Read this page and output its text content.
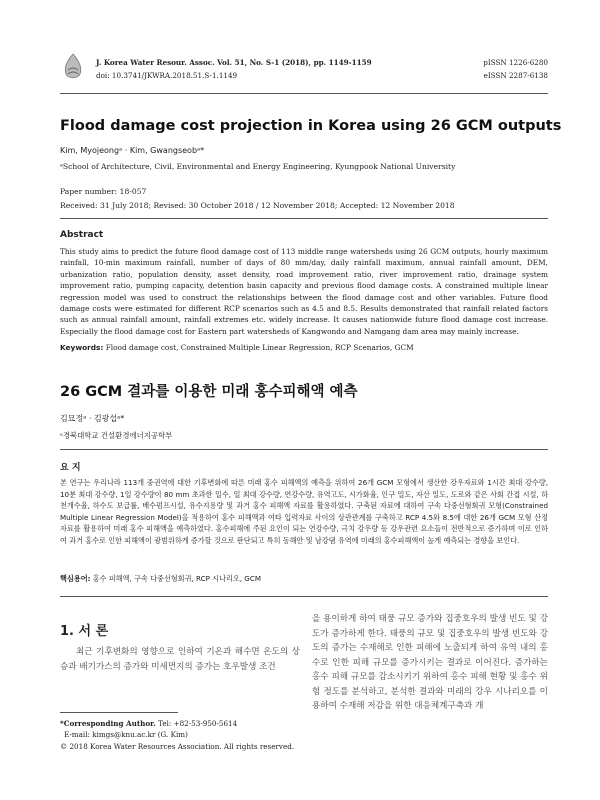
J. Korea Water Resour. Assoc. Vol. 51, No. S-1 (2018), pp. 1149-1159
doi: 10.3741/JKWRA.2018.51.S-1.1149
pISSN 1226-6280
eISSN 2287-6138
Flood damage cost projection in Korea using 26 GCM outputs
Kim, Myojeongᵃ · Kim, Gwangseobᵃ*
ᵃSchool of Architecture, Civil, Environmental and Energy Engineering, Kyungpook National University
Paper number: 18-057
Received: 31 July 2018; Revised: 30 October 2018 / 12 November 2018; Accepted: 12 November 2018
Abstract
This study aims to predict the future flood damage cost of 113 middle range watersheds using 26 GCM outputs, hourly maximum rainfall, 10-min maximum rainfall, number of days of 80 mm/day, daily rainfall maximum, annual rainfall amount, DEM, urbanization ratio, population density, asset density, road improvement ratio, river improvement ratio, drainage system improvement ratio, pumping capacity, detention basin capacity and previous flood damage costs. A constrained multiple linear regression model was used to construct the relationships between the flood damage cost and other variables. Future flood damage costs were estimated for different RCP scenarios such as 4.5 and 8.5. Results demonstrated that rainfall related factors such as annual rainfall amount, rainfall extremes etc. widely increase. It causes nationwide future flood damage cost increase. Especially the flood damage cost for Eastern part watersheds of Kangwondo and Namgang dam area may mainly increase.
Keywords: Flood damage cost, Constrained Multiple Linear Regression, RCP Scenarios, GCM
26 GCM 결과를 이용한 미래 홍수피해액 예측
김묘정ᵃ · 김광섭ᵃ*
ᵃ경북대학교 건설환경에너지공학부
요 지
본 연구는 우리나라 113개 중권역에 대한 기후변화에 따른 미래 홍수 피해액의 예측을 위하여 26개 GCM 모형에서 생산한 강우자료와 1시간 최대 강수량, 10분 최대 강수량, 1일 강수량이 80 mm 초과한 일수, 일 최대 강수량, 연강수량, 유역고도, 시가화율, 인구 밀도, 자산 밀도, 도로와 같은 사회 간접 시설, 하천개수율, 하수도 보급률, 배수펌프시설, 유수지용량 및 과거 홍수 피해액 자료를 활용하였다. 구축된 자료에 대하여 구속 다중선형회귀 모형(Constrained Multiple Linear Regression Model)을 적용하여 홍수 피해액과 여타 입력자료 사이의 상관관계를 구축하고 RCP 4.5와 8.5에 대한 26개 GCM 모형 산정자료를 활용하여 미래 홍수 피해액을 예측하였다. 홍수피해에 주된 요인이 되는 연강수량, 극치 강우량 등 강우관련 요소들이 전반적으로 증가하며 이로 인하여 과거 홍수로 인한 피해액이 광범위하게 증가할 것으로 판단되고 특히 동해안 및 남강댐 유역에 미래의 홍수피해액이 높게 예측되는 경향을 보인다.
핵심용어: 홍수 피해액, 구속 다중선형회귀, RCP 시나리오, GCM
1. 서 론
최근 기후변화의 영향으로 인하여 기온과 해수면 온도의 상승과 배기가스의 증가와 미세먼지의 증가는 호우발생 조건
을 용이하게 하여 태풍 규모 증가와 집중호우의 발생 빈도 및 강도가 증가하게 한다. 태풍의 규모 및 집중호우의 발생 빈도와 강도의 증가는 수재해로 인한 피해에 노출되게 하여 유역 내의 홍수로 인한 피해 규모를 증가시키는 결과로 이어진다. 증가하는 홍수 피해 규모를 감소시키기 위하여 홍수 피해 현황 및 홍수 위험 정도를 분석하고, 분석한 결과와 미래의 강우 시나리오를 이용하여 수재해 저감을 위한 대응체계구축과 개
*Corresponding Author. Tel: +82-53-950-5614
E-mail: kimgs@knu.ac.kr (G. Kim)
© 2018 Korea Water Resources Association. All rights reserved.
